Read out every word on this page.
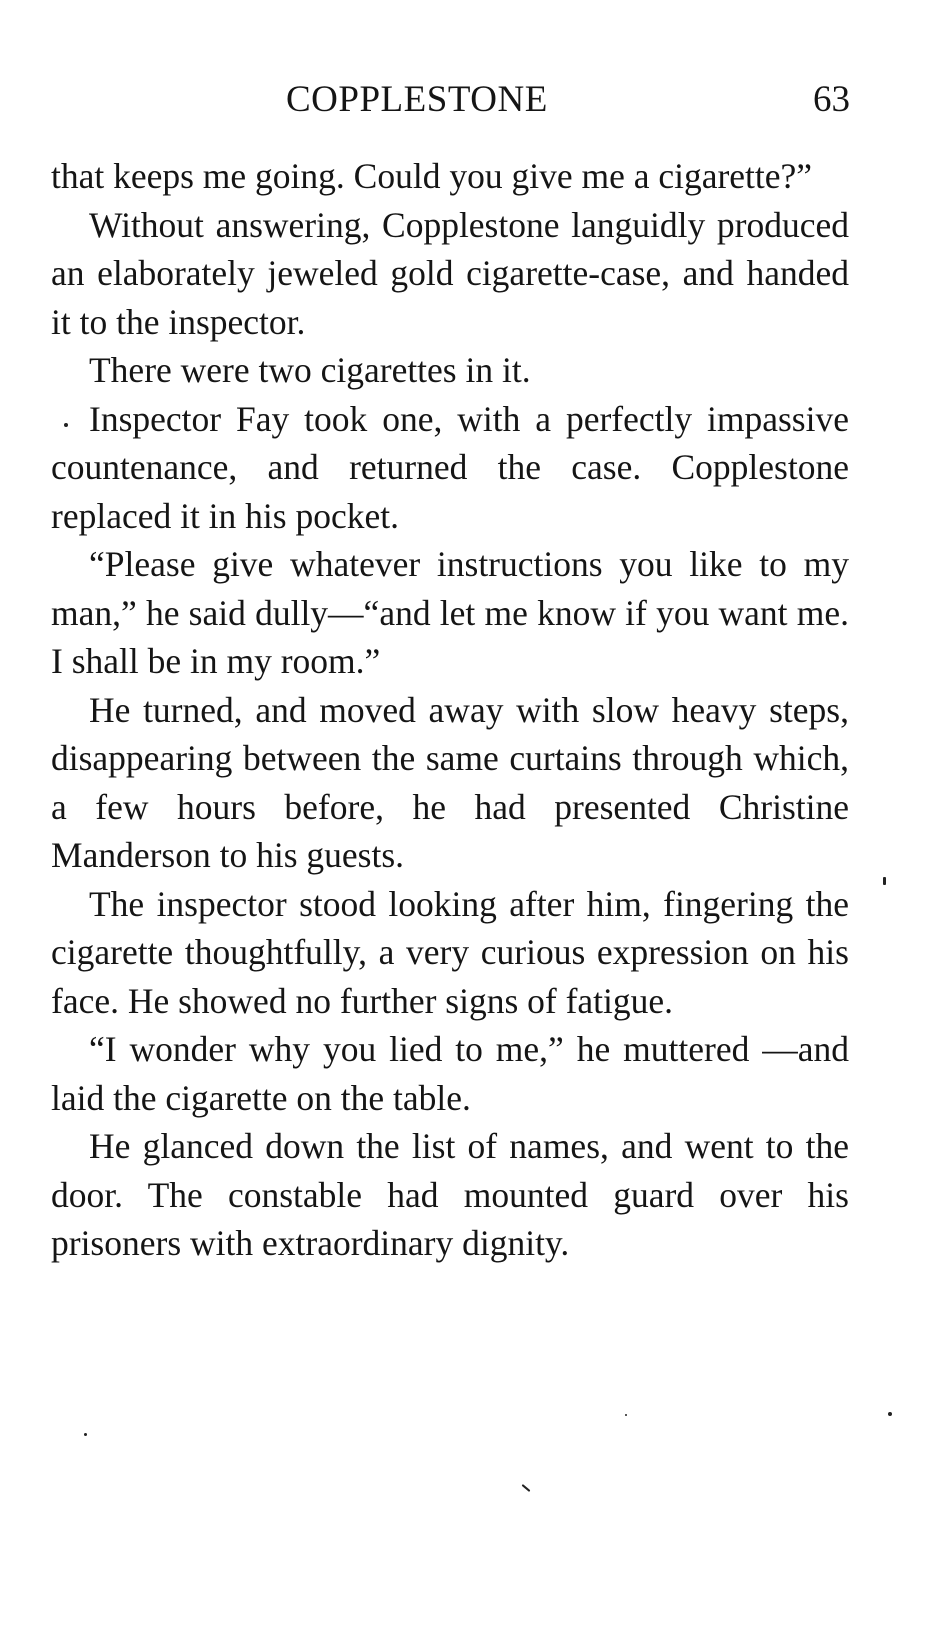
COPPLESTONE	63

that keeps me going. Could you give me a cigarette?”

Without answering, Copplestone languidly produced an elaborately jeweled gold cigarette-case, and handed it to the inspector.

There were two cigarettes in it.

Inspector Fay took one, with a perfectly impassive countenance, and returned the case. Copplestone replaced it in his pocket.

“Please give whatever instructions you like to my man,” he said dully—“and let me know if you want me. I shall be in my room.”

He turned, and moved away with slow heavy steps, disappearing between the same curtains through which, a few hours before, he had presented Christine Manderson to his guests.

The inspector stood looking after him, fingering the cigarette thoughtfully, a very curious expression on his face. He showed no further signs of fatigue.

“I wonder why you lied to me,” he muttered —and laid the cigarette on the table.

He glanced down the list of names, and went to the door. The constable had mounted guard over his prisoners with extraordinary dignity.
